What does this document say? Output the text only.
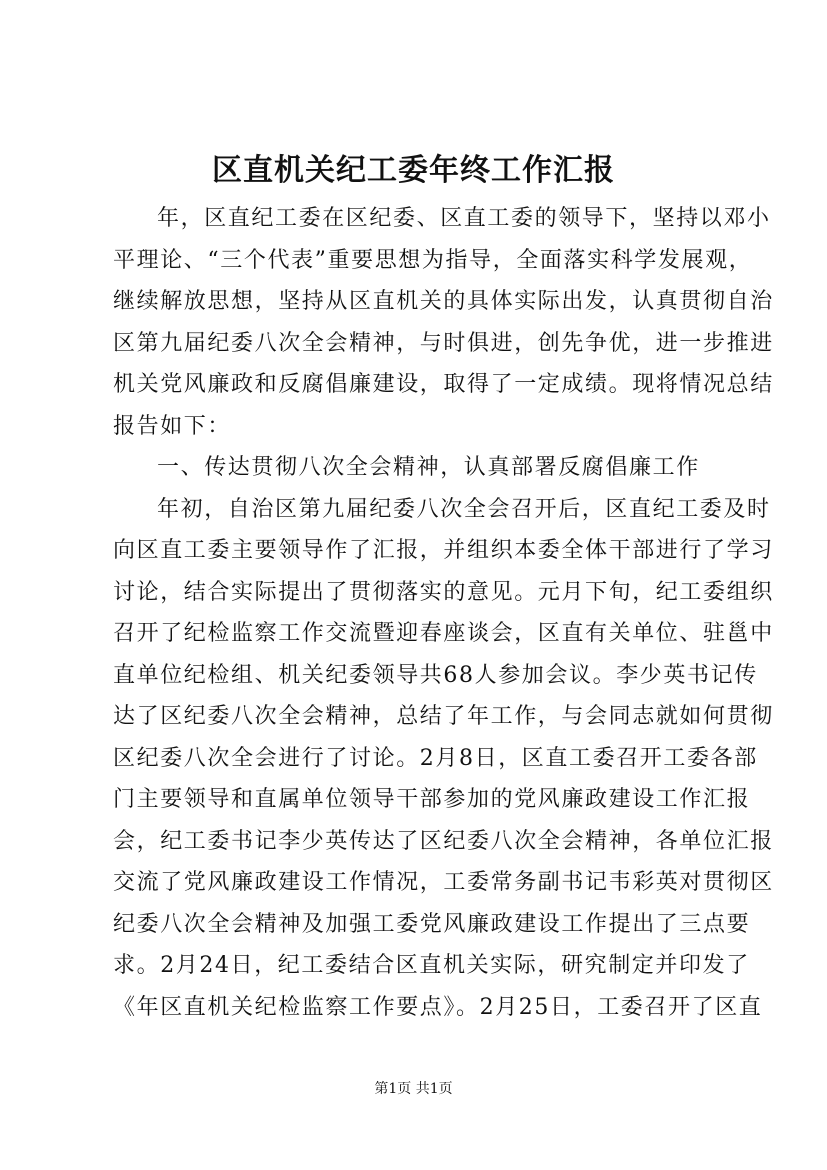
区直机关纪工委年终工作汇报
年，区直纪工委在区纪委、区直工委的领导下，坚持以邓小
平理论、“三个代表”重要思想为指导，全面落实科学发展观，
继续解放思想，坚持从区直机关的具体实际出发，认真贯彻自治
区第九届纪委八次全会精神，与时俱进，创先争优，进一步推进
机关党风廉政和反腐倡廉建设，取得了一定成绩。现将情况总结
报告如下：
一、传达贯彻八次全会精神，认真部署反腐倡廉工作
年初，自治区第九届纪委八次全会召开后，区直纪工委及时
向区直工委主要领导作了汇报，并组织本委全体干部进行了学习
讨论，结合实际提出了贯彻落实的意见。元月下旬，纪工委组织
召开了纪检监察工作交流暨迎春座谈会，区直有关单位、驻邕中
直单位纪检组、机关纪委领导共68人参加会议。李少英书记传
达了区纪委八次全会精神，总结了年工作，与会同志就如何贯彻
区纪委八次全会进行了讨论。2月8日，区直工委召开工委各部
门主要领导和直属单位领导干部参加的党风廉政建设工作汇报
会，纪工委书记李少英传达了区纪委八次全会精神，各单位汇报
交流了党风廉政建设工作情况，工委常务副书记韦彩英对贯彻区
纪委八次全会精神及加强工委党风廉政建设工作提出了三点要
求。2月24日，纪工委结合区直机关实际，研究制定并印发了
《年区直机关纪检监察工作要点》。2月25日，工委召开了区直
第1页 共1页
